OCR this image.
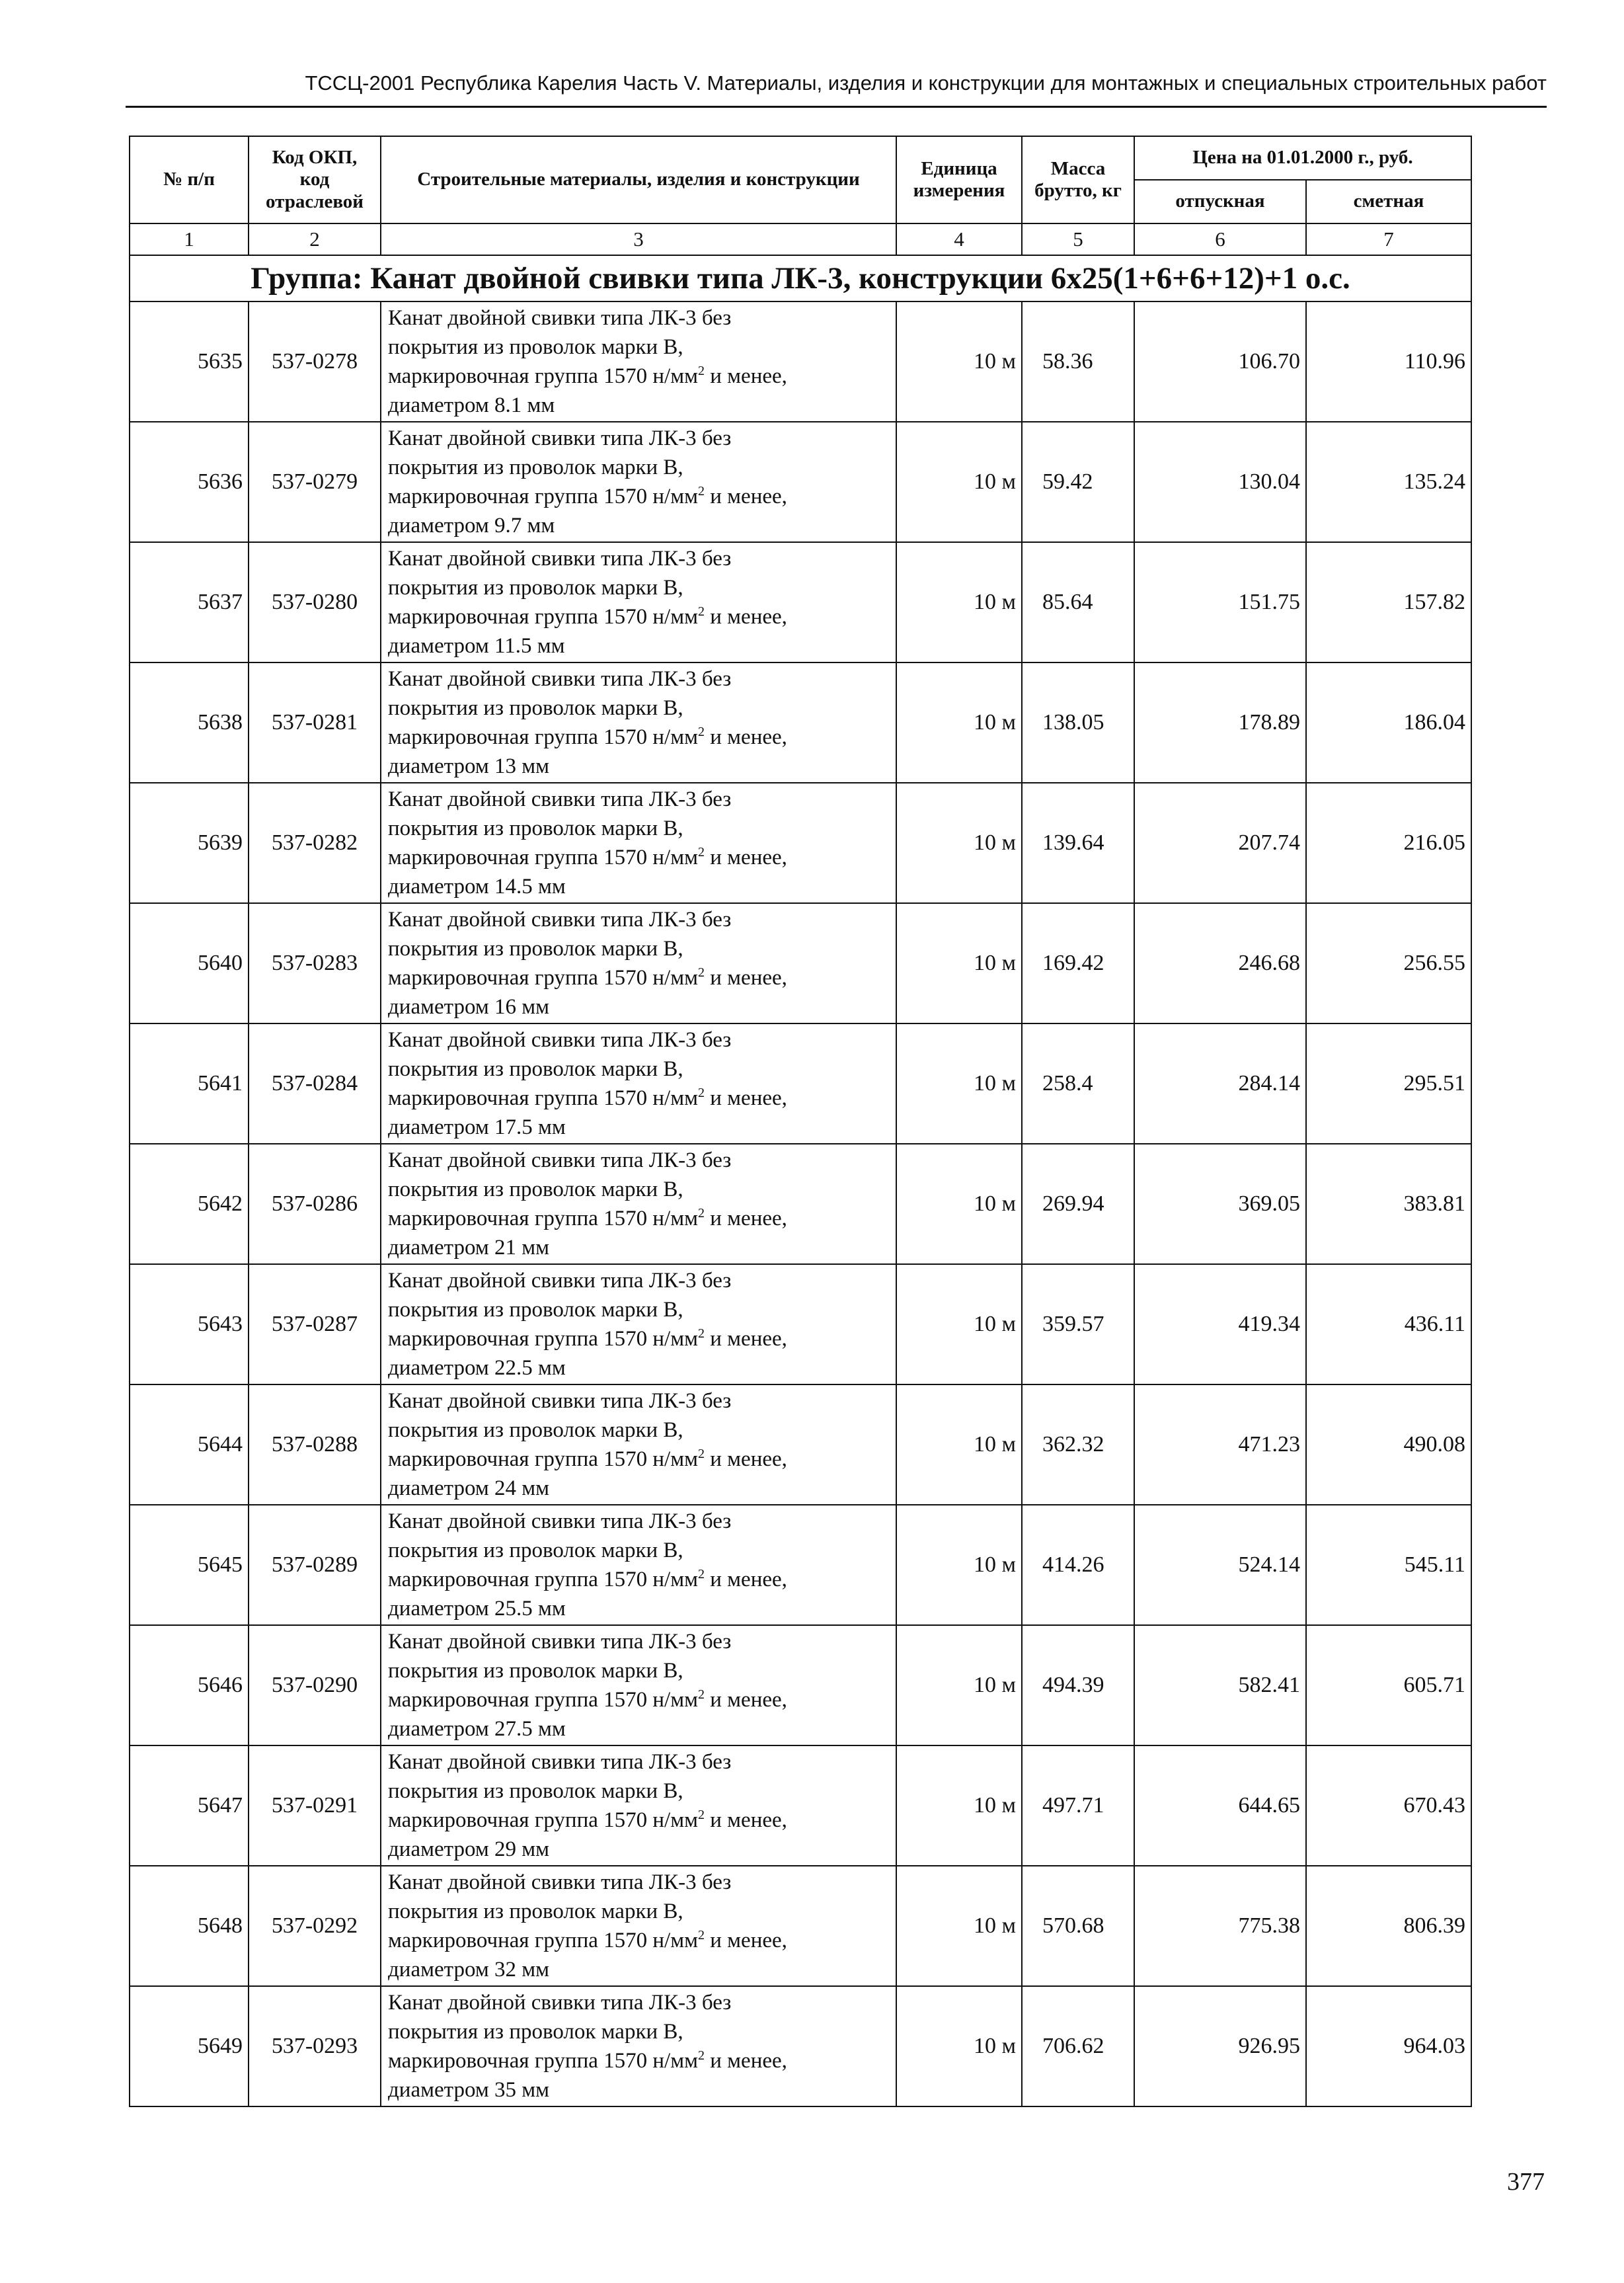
ТССЦ-2001 Республика Карелия Часть V. Материалы, изделия и конструкции для монтажных и специальных строительных работ
№ п/п	Код ОКП,
код
отраслевой	Строительные материалы, изделия и конструкции	Единица измерения	Масса брутто, кг	Цена на 01.01.2000 г., руб.	
					отпускная	сметная
1	2	3	4	5	6	7
Группа: Канат двойной свивки типа ЛК-3, конструкции 6x25(1+6+6+12)+1 о.с.						
5635	537-0278	Канат двойной свивки типа ЛК-3 без
покрытия из проволок марки В,
маркировочная группа 1570 $н/мм^2$ и менее,
диаметром 8.1 мм	10 м	58.36	106.70	110.96
5636	537-0279	Канат двойной свивки типа ЛК-3 без
покрытия из проволок марки В,
маркировочная группа 1570 $н/мм^2$ и менее,
диаметром 9.7 мм	10 м	59.42	130.04	135.24
5637	537-0280	Канат двойной свивки типа ЛК-3 без
покрытия из проволок марки В,
маркировочная группа 1570 $н/мм^2$ и менее,
диаметром 11.5 мм	10 м	85.64	151.75	157.82
5638	537-0281	Канат двойной свивки типа ЛК-3 без
покрытия из проволок марки В,
маркировочная группа 1570 $н/мм^2$ и менее,
диаметром 13 мм	10 м	138.05	178.89	186.04
5639	537-0282	Канат двойной свивки типа ЛК-3 без
покрытия из проволок марки В,
маркировочная группа 1570 $н/мм^2$ и менее,
диаметром 14.5 мм	10 м	139.64	207.74	216.05
5640	537-0283	Канат двойной свивки типа ЛК-3 без
покрытия из проволок марки В,
маркировочная группа 1570 $н/мм^2$ и менее,
диаметром 16 мм	10 м	169.42	246.68	256.55
5641	537-0284	Канат двойной свивки типа ЛК-3 без
покрытия из проволок марки В,
маркировочная группа 1570 $н/мм^2$ и менее,
диаметром 17.5 мм	10 м	258.4	284.14	295.51
5642	537-0286	Канат двойной свивки типа ЛК-3 без
покрытия из проволок марки В,
маркировочная группа 1570 $н/мм^2$ и менее,
диаметром 21 мм	10 м	269.94	369.05	383.81
5643	537-0287	Канат двойной свивки типа ЛК-3 без
покрытия из проволок марки В,
маркировочная группа 1570 $н/мм^2$ и менее,
диаметром 22.5 мм	10 м	359.57	419.34	436.11
5644	537-0288	Канат двойной свивки типа ЛК-3 без
покрытия из проволок марки В,
маркировочная группа 1570 $н/мм^2$ и менее,
диаметром 24 мм	10 м	362.32	471.23	490.08
5645	537-0289	Канат двойной свивки типа ЛК-3 без
покрытия из проволок марки В,
маркировочная группа 1570 $н/мм^2$ и менее,
диаметром 25.5 мм	10 м	414.26	524.14	545.11
5646	537-0290	Канат двойной свивки типа ЛК-3 без
покрытия из проволок марки В,
маркировочная группа 1570 $н/мм^2$ и менее,
диаметром 27.5 мм	10 м	494.39	582.41	605.71
5647	537-0291	Канат двойной свивки типа ЛК-3 без
покрытия из проволок марки В,
маркировочная группа 1570 $н/мм^2$ и менее,
диаметром 29 мм	10 м	497.71	644.65	670.43
5648	537-0292	Канат двойной свивки типа ЛК-3 без
покрытия из проволок марки В,
маркировочная группа 1570 $н/мм^2$ и менее,
диаметром 32 мм	10 м	570.68	775.38	806.39
5649	537-0293	Канат двойной свивки типа ЛК-3 без
покрытия из проволок марки В,
маркировочная группа 1570 $н/мм^2$ и менее,
диаметром 35 мм	10 м	706.62	926.95	964.03
377
